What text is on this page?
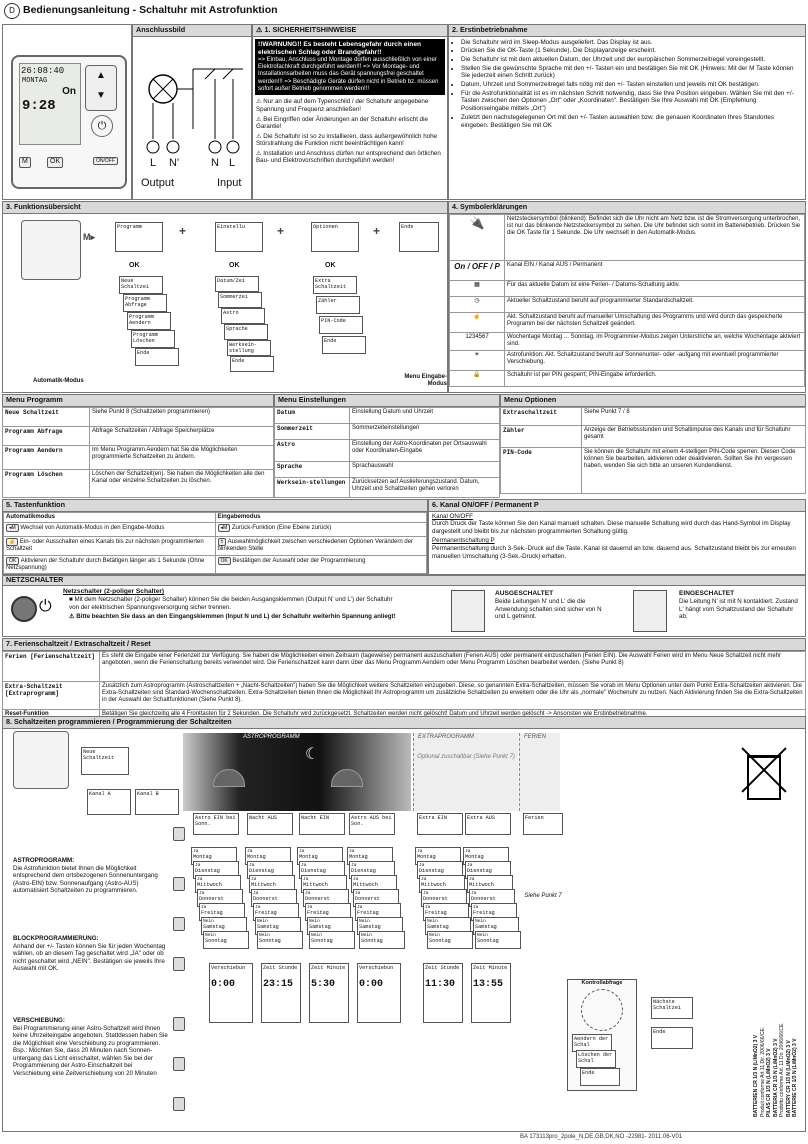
D Bedienungsanleitung - Schaltuhr mit Astrofunktion
26:08:40
MONTAG
On
9:28
▲
▼
⏻
M	OK	ON/OFF
Anschlussbild
L N'	N L
Output	Input
⚠ 1. SICHERHEITSHINWEISE
!!WARNUNG!! Es besteht Lebensgefahr durch einen elektrischen Schlag oder Brandgefahr!!
=> Einbau, Anschluss und Montage dürfen ausschließlich von einer Elektrofachkraft durchgeführt werden!!! => Vor Montage- und Installationsarbeiten muss das Gerät spannungsfrei geschaltet werden!!! => Beschädigte Geräte dürfen nicht in Betrieb bz. müssen sofort außer Betrieb genommen werden!!!
⚠ Nur an die auf dem Typenschild / der Schaltuhr angegebene Spannung und Frequenz anschließen!
⚠ Bei Eingriffen oder Änderungen an der Schaltuhr erlischt die Garantie!
⚠ Die Schaltuhr ist so zu installieren, dass außergewöhnlich hohe Störstrahlung die Funktion nicht beeinträchtigen kann!
⚠ Installation und Anschluss dürfen nur entsprechend den örtlichen Bau- und Elektrovorschriften durchgeführt werden!
2. Erstinbetriebnahme
• Die Schaltuhr wird im Sleep-Modus ausgeliefert. Das Display ist aus.
• Drücken Sie die OK-Taste (1 Sekunde). Die Displayanzeige erscheint.
• Die Schaltuhr ist mit dem aktuellen Datum, der Uhrzeit und der europäischen Sommerzeitregel voreingestellt.
• Stellen Sie die gewünschte Sprache mit den +/- Tasten ein und bestätigen Sie mit OK (Hinweis: Mit der M Taste können Sie jederzeit einen Schritt zurück)
• Datum, Uhrzeit und Sommerzeitregel falls nötig mit den +/- Tasten einstellen und jeweils mit OK bestätigen.
• Für die Astrofunktionalität ist es im nächsten Schritt notwendig, dass Sie Ihre Position eingeben. Wählen Sie mit den +/- Tasten zwischen den Optionen „Ort" oder „Koordinaten". Bestätigen Sie Ihre Auswahl mit OK (Empfehlung Positionseingabe mittels „Ort")
• Zuletzt den nachstegelegenen Ort mit den +/- Tasten auswahlen bzw. die genauen Koordinaten Ihres Standortes eingeben. Bestätigen Sie mit OK
3. Funktionsübersicht
M▸
Programm	+	Einstellu	+	Optionen	+	Ende
OK	OK	OK
Neue Schaltzei
Programm Abfrage
Programm Aendern
Programm Löschen
Ende
Datum/Zei
Sommerzei
Astro
Sprache
Werksein-stellung
Ende
Extra Schaltzeit
Zähler
PIN-Code
Ende
Automatik-Modus
Menu Eingabe-Modus
4. Symbolerklärungen
🔌	Netzsteckersymbol (blinkend): Befindet sich die Uhr nicht am Netz bzw. ist die Stromversorgung unterbrochen, ist nur das blinkende Netzsteckersymbol zu sehen. Die Uhr befindet sich somit im Batteriebetrieb. Drücken Sie die OK Taste für 1 Sekunde. Die Uhr wechselt in den Automatik-Modus.
On / OFF / P	Kanal EIN / Kanal AUS / Permanent
▦	Für das aktuelle Datum ist eine Ferien- / Datums-Schaltung aktiv.
◷	Aktueller Schaltzustand beruht auf programmierter Standardschaltzeit.
☝	Akt. Schaltzustand beruht auf manueller Umschaltung des Programms und wird durch das gespeicherte Programm bei der nächsten Schaltzeit geändert.
1234567	Wochentage Montag ... Sonntag, im Programmier-Modus zeigen Unterstriche an, welche Wochentage aktiviert sind.
☀	Astrofunktion: Akt. Schaltzustand beruht auf Sonnenunter- oder -aufgang mit eventuell programmierter Verschiebung.
🔒	Schaltuhr ist per PIN gesperrt; PIN-Eingabe erforderlich.
Menu Programm
Neue Schaltzeit	Siehe Punkt 8 (Schaltzeiten programmieren)
Programm Abfrage	Abfrage Schaltzeiten / Abfrage Speicherplätze
Programm Aendern	Im Menu Programm Aendern hat Sie die Möglichkeiten programmierte Schaltzeiten zu ändern.
Programm Löschen	Löschen der Schaltzeit(en). Sie haben die Möglichkeiten alle den Kanal oder einzelne Schaltzeiten zu löschen.
Menu Einstellungen
Datum	Einstellung Datum und Uhrzeit
Sommerzeit	Sommerzeiteinstellungen
Astro	Einstellung der Astro-Koordinaten per Ortsauswahl oder Koordinaten-Eingabe
Sprache	Sprachauswahl
Werksein-stellungen	Zurücksetzen auf Auslieferungszustand. Datum, Uhrzeit und Schaltzeiten gehen verloren
Menu Optionen
Extraschaltzeit	Siehe Punkt 7 / 8
Zähler	Anzeige der Betriebsstunden und Schaltimpulse des Kanals und für Schaltuhr gesamt
PIN-Code	Sie können die Schaltuhr mit einem 4-stelligen PIN-Code sperren. Diesen Code können Sie bearbeiten, aktivieren oder deaktivieren. Sollten Sie ihn vergessen haben, wenden Sie sich bitte an unseren Kundendienst.
5. Tastenfunktion
Automatikmodus	Eingabemodus
◂M Wechsel von Automatik-Modus in den Eingabe-Modus	◂M Zurück-Funktion (Eine Ebene zurück)
☝ Ein- oder Ausschalten eines Kanals bis zur nächsten programmierten Schaltzeit	± Auswahlmöglichkeit zwischen verschiedenen Optionen Verändern der blinkenden Stelle
OK Aktivieren der Schaltuhr durch Betätigen länger als 1 Sekunde (Ohne Netzspannung)	OK Bestätigen der Auswahl oder der Programmierung
6. Kanal ON/OFF / Permanent P
Kanal ON/OFF
Durch Druck der Taste können Sie den Kanal manuell schalten. Diese manuelle Schaltung wird durch das Hand-Symbol im Display dargestellt und bleibt bis zur nächsten programmierten Schaltung gültig.
Permanentschaltung P
Permanentschaltung durch 3-Sek.-Druck auf die Taste. Kanal ist dauernd an bzw. dauernd aus. Schaltzustand bleibt bis zur erneuten manuellen Umschaltung (3-Sek.-Druck) erhalten.
NETZSCHALTER
⏻
Netzschalter (2-poliger Schalter)
■ Mit dem Netzschalter (2-poliger Schalter) können Sie die beiden Ausgangsklemmen (Output N' und L') der Schaltuhr von der elektrischen Spannungsversorgung sicher trennen.
⚠ Bitte beachten Sie dass an den Eingangsklemmen (Input N und L) der Schaltuhr weiterhin Spannung anliegt!
AUSGESCHALTET
Beide Leitungen N' und L' die die Anwendung schalten sind sicher von N und L getrennt.
EINGESCHALTET
Die Leitung N' ist mit N kontaktiert. Zustand L' hängt vom Schaltzustand der Schaltuhr ab.
7. Ferienschaltzeit / Extraschaltzeit / Reset
Ferien [Ferienschaltzeit]	Es steht die Eingabe einer Ferienzeit zur Verfügung. Sie haben die Möglichkeiten einen Zeitraum (tageweise) permanent auszuschalten (Ferien AUS) oder permanent einzuschalten (Ferien EIN). Die Auswahl Ferien wird im Menu Neue Schaltzeit nicht mehr angeboten, wenn die Ferienschaltung bereits verwendet wird. Die Ferienschaltzeit kann dann über das Menu Programm Aendern oder Menu Programm Löschen bearbeitet werden. (Siehe Punkt 8)
Extra-Schaltzeit [Extraprogramm]	Zusätzlich zum Astroprogramm (Astroschaltzeiten + „Nacht-Schaltzeiten") haben Sie die Möglichkeit weitere Schaltzeiten einzugeben. Diese, so genannten Extra-Schaltzeiten, müssen Sie vorab im Menu Optionen unter dem Punkt Extra-Schaltzeiten aktivieren. Die Extra-Schaltzeiten sind Standard-Wochenschaltzeiten. Extra-Schaltzeiten bieten Ihnen die Möglichkeit Ihr Astroprogramm um zusätzliche Schaltzeiten zu erweitern oder die Uhr als „normale" Wochenuhr zu nutzen. Nach Aktivierung finden Sie die Extra-Schaltzeiten in der Auswahl der Schaltfunktionen (Siehe Punkt 8).
Reset-Funktion	Betätigen Sie gleichzeitig alle 4 Fronttasten für 2 Sekunden. Die Schaltuhr wird zurückgesetzt. Schaltzeiten werden nicht gelöscht! Datum und Uhrzeit werden gelöscht -> Ansonsten wie Erstinbetriebnahme.
8. Schaltzeiten programmieren / Programmierung der Schaltzeiten
Neue Schaltzeit
Kanal A	Kanal B
ASTROPROGRAMM
☾
EXTRAPROGRAMM
Optional zuschaltbar (Siehe Punkt 7)
FERIEN
Astro EIN bei Sonn.
Nacht AUS	Nacht EIN	Astro AUS bei Son.
Extra EIN	Extra AUS	Ferien
Siehe Punkt 7
Ja
Montag
Ja
Dienstag
Ja
Mittwoch
Ja
Donnerst
Ja
Freitag
Nein
Samstag
Nein
Sonntag
Ja
Montag
Ja
Dienstag
Ja
Mittwoch
Ja
Donnerst
Ja
Freitag
Nein
Samstag
Nein
Sonntag
Ja
Montag
Ja
Dienstag
Ja
Mittwoch
Ja
Donnerst
Ja
Freitag
Nein
Samstag
Nein
Sonntag
Ja
Montag
Ja
Dienstag
Ja
Mittwoch
Ja
Donnerst
Ja
Freitag
Nein
Samstag
Nein
Sonntag
Ja
Montag
Ja
Dienstag
Ja
Mittwoch
Ja
Donnerst
Ja
Freitag
Nein
Samstag
Nein
Sonntag
Ja
Montag
Ja
Dienstag
Ja
Mittwoch
Ja
Donnerst
Ja
Freitag
Nein
Samstag
Nein
Sonntag
Verschiebun
0:00
Zeit Stunde
23:15
Zeit Minute
5:30
Verschiebun
0:00
Zeit Stunde
11:30
Zeit Minute
13:55	Kontrollabfrage
Aendern der Schal
Löschen der Schal
Ende
Nächste Schaltzei
Ende
ASTROPROGRAMM:
Die Astrofunktion bietet Ihnen die Möglichkeit entsprechend dem ortsbezogenen Sonnenuntergang (Astro-EIN) bzw. Sonnenaufgang (Astro-AUS) automatisiert Schaltzeiten zu programmieren.
BLOCKPROGRAMMIERUNG:
Anhand der +/- Tasten können Sie für jeden Wochentag wählen, ob an diesem Tag geschaltet wird „JA" oder ob nicht geschaltet wird „NEIN". Bestätigen sie jeweils Ihre Auswahl mit OK.
VERSCHIEBUNG:
Bei Programmierung einer Astro-Schaltzeit wird Ihnen keine Uhrzeiteingabe angeboten. Stattdessen haben Sie die Möglichkeit eine Verschiebung zu programmieren. Bsp.: Möchten Sie, dass 20 Minuten nach Sonnen-untergang das Licht einschaltet, wählen Sie bei der Programmierung der Astro-Einschaltzeit bei Verschiebung eine Zeitverschiebung von 20 Minuten	BATTERIEN CR 1/3 N (LiMnO2) 3 V Produit conforme Art 11 Dir. 2006/66/CE. PILAS CR 1/3 N (LiMnO2) 3 V BATTERIA CR 1/3 N (LiMnO2) 3 V Prodotto conforme Art. 11 Dir. 2006/66/CE. BATTERY CR 1/3 N (LiMnO2) 3 V BATTERIE CR 1/3 N (LiMnO2) 3 V
BA 173113pro_2pole_N,DE,GB,DK,NO -22981- 2011.06-V01
